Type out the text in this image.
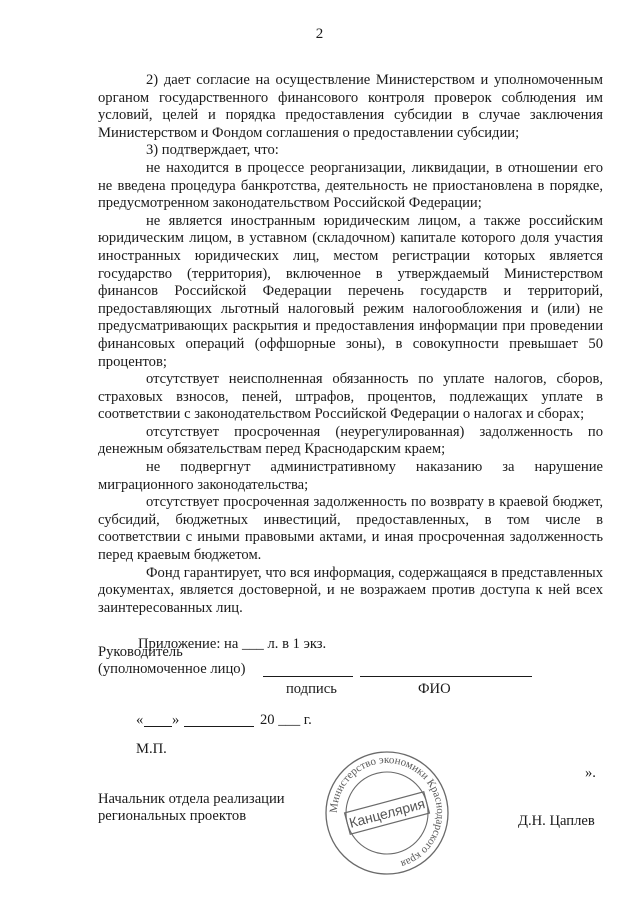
2

2) дает согласие на осуществление Министерством и уполномоченным органом государственного финансового контроля проверок соблюдения им условий, целей и порядка предоставления субсидии в случае заключения Министерством и Фондом соглашения о предоставлении субсидии;

3) подтверждает, что:

не находится в процессе реорганизации, ликвидации, в отношении его не введена процедура банкротства, деятельность не приостановлена в порядке, предусмотренном законодательством Российской Федерации;

не является иностранным юридическим лицом, а также российским юридическим лицом, в уставном (складочном) капитале которого доля участия иностранных юридических лиц, местом регистрации которых является государство (территория), включенное в утверждаемый Министерством финансов Российской Федерации перечень государств и территорий, предоставляющих льготный налоговый режим налогообложения и (или) не предусматривающих раскрытия и предоставления информации при проведении финансовых операций (оффшорные зоны), в совокупности превышает 50 процентов;

отсутствует неисполненная обязанность по уплате налогов, сборов, страховых взносов, пеней, штрафов, процентов, подлежащих уплате в соответствии с законодательством Российской Федерации о налогах и сборах;

отсутствует просроченная (неурегулированная) задолженность по денежным обязательствам перед Краснодарским краем;

не подвергнут административному наказанию за нарушение миграционного законодательства;

отсутствует просроченная задолженность по возврату в краевой бюджет, субсидий, бюджетных инвестиций, предоставленных, в том числе в соответствии с иными правовыми актами, и иная просроченная задолженность перед краевым бюджетом.

Фонд гарантирует, что вся информация, содержащаяся в представленных документах, является достоверной, и не возражаем против доступа к ней всех заинтересованных лиц.

Приложение: на ___ л. в 1 экз.
Руководитель
(уполномоченное лицо)
подпись	ФИО
« »	20 ___ г.
М.П.
».
Начальник отдела реализации
региональных проектов	Д.Н. Цаплев
Министерство экономики Краснодарского края
Канцелярия
